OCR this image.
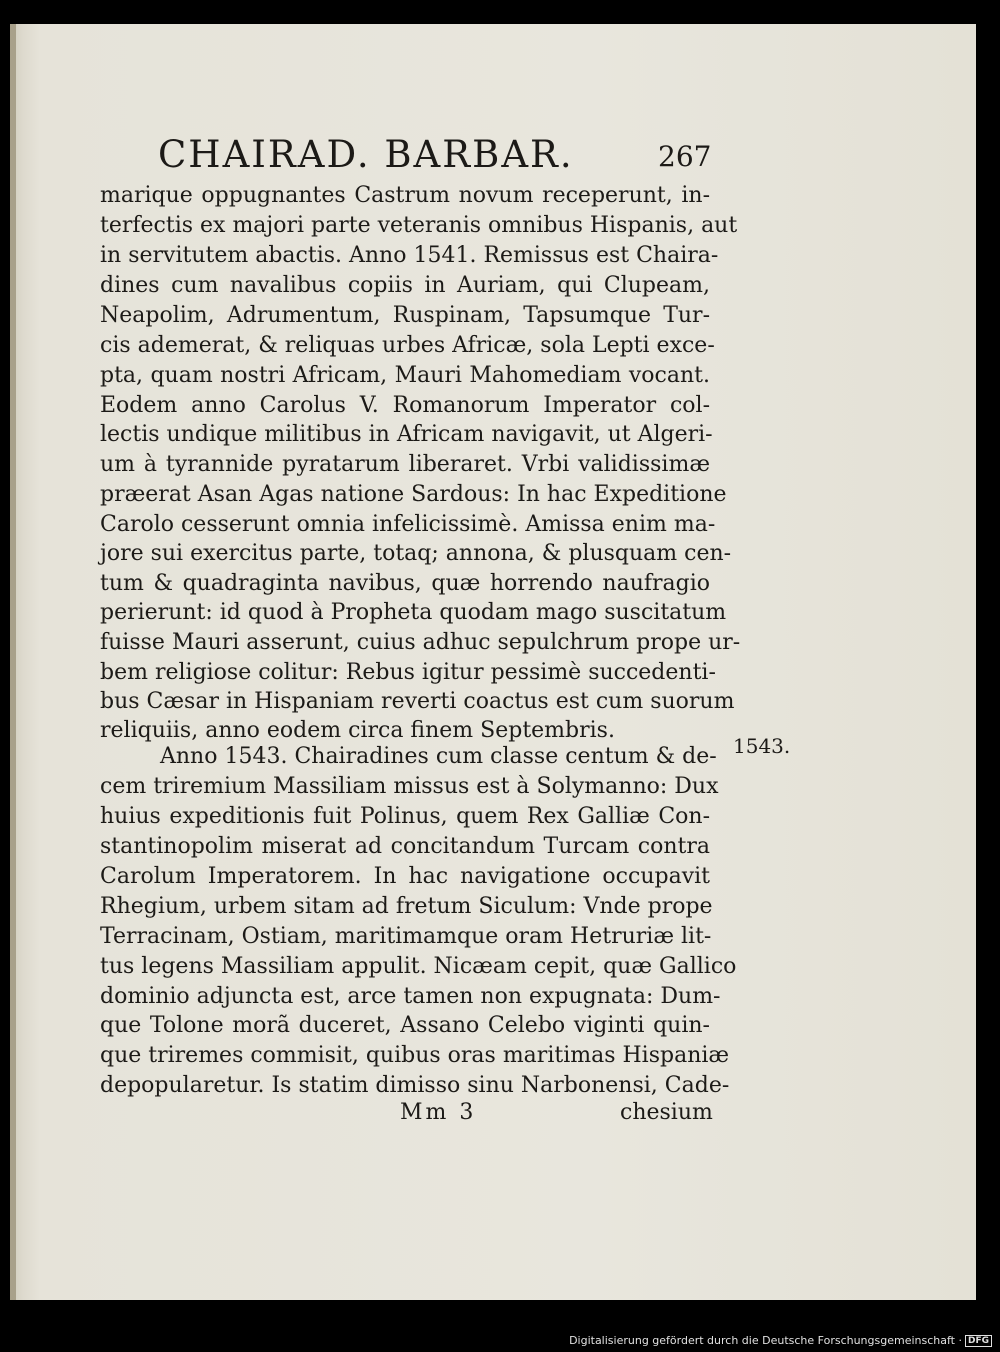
CHAIRAD. BARBAR.	267
marique oppugnantes Castrum novum receperunt, in-
terfectis ex majori parte veteranis omnibus Hispanis, aut
in servitutem abactis. Anno 1541. Remissus est Chaira-
dines cum navalibus copiis in Auriam, qui Clupeam,
Neapolim, Adrumentum, Ruspinam, Tapsumque Tur-
cis ademerat, & reliquas urbes Africæ, sola Lepti exce-
pta, quam nostri Africam, Mauri Mahomediam vocant.
Eodem anno Carolus V. Romanorum Imperator col-
lectis undique militibus in Africam navigavit, ut Algeri-
um à tyrannide pyratarum liberaret. Vrbi validissimæ
præerat Asan Agas natione Sardous: In hac Expeditione
Carolo cesserunt omnia infelicissimè. Amissa enim ma-
jore sui exercitus parte, totaq; annona, & plusquam cen-
tum & quadraginta navibus, quæ horrendo naufragio
perierunt: id quod à Propheta quodam mago suscitatum
fuisse Mauri asserunt, cuius adhuc sepulchrum prope ur-
bem religiose colitur: Rebus igitur pessimè succedenti-
bus Cæsar in Hispaniam reverti coactus est cum suorum
reliquiis, anno eodem circa finem Septembris.
Anno 1543. Chairadines cum classe centum & de-
cem triremium Massiliam missus est à Solymanno: Dux
huius expeditionis fuit Polinus, quem Rex Galliæ Con-
stantinopolim miserat ad concitandum Turcam contra
Carolum Imperatorem. In hac navigatione occupavit
Rhegium, urbem sitam ad fretum Siculum: Vnde prope
Terracinam, Ostiam, maritimamque oram Hetruriæ lit-
tus legens Massiliam appulit. Nicæam cepit, quæ Gallico
dominio adjuncta est, arce tamen non expugnata: Dum-
que Tolone morã duceret, Assano Celebo viginti quin-
que triremes commisit, quibus oras maritimas Hispaniæ
depopularetur. Is statim dimisso sinu Narbonensi, Cade-
1543.
Mm 3	chesium
Digitalisierung gefördert durch die Deutsche Forschungsgemeinschaft · DFG
